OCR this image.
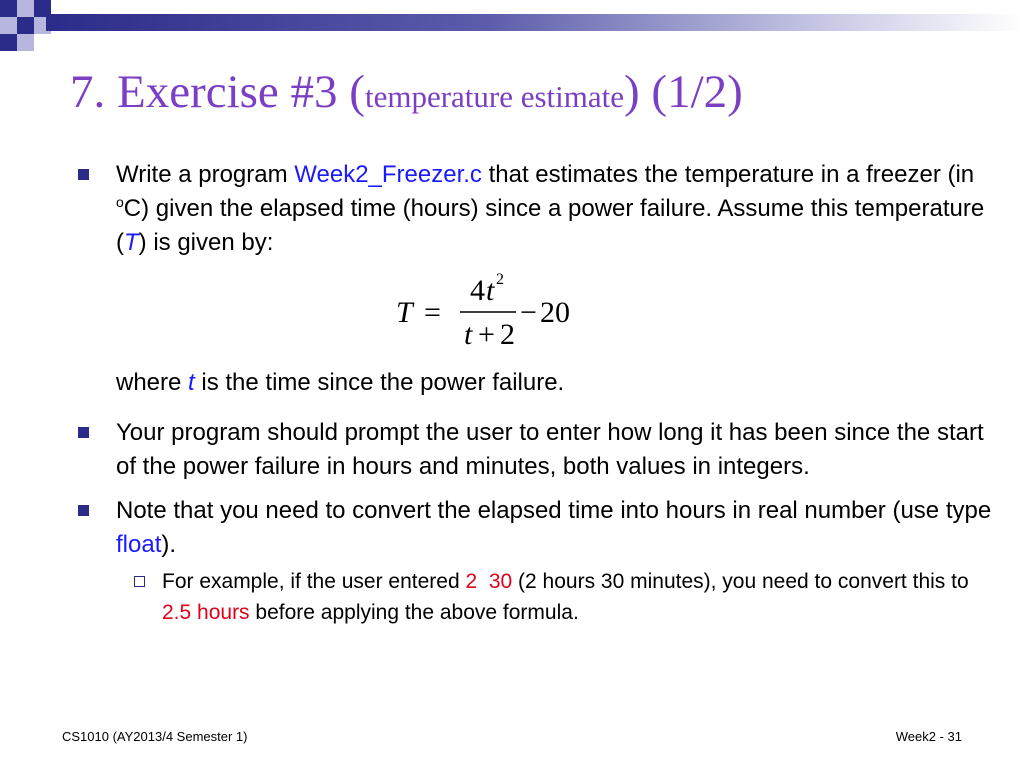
7. Exercise #3 (temperature estimate) (1/2)
Write a program Week2_Freezer.c that estimates the temperature in a freezer (in $^o$C) given the elapsed time (hours) since a power failure. Assume this temperature (T) is given by:
T =
4 t 2
t + 2
− 20
where t is the time since the power failure.
Your program should prompt the user to enter how long it has been since the start of the power failure in hours and minutes, both values in integers.
Note that you need to convert the elapsed time into hours in real number (use type float).
For example, if the user entered 2 30 (2 hours 30 minutes), you need to convert this to 2.5 hours before applying the above formula.
CS1010 (AY2013/4 Semester 1)	Week2 - 31
